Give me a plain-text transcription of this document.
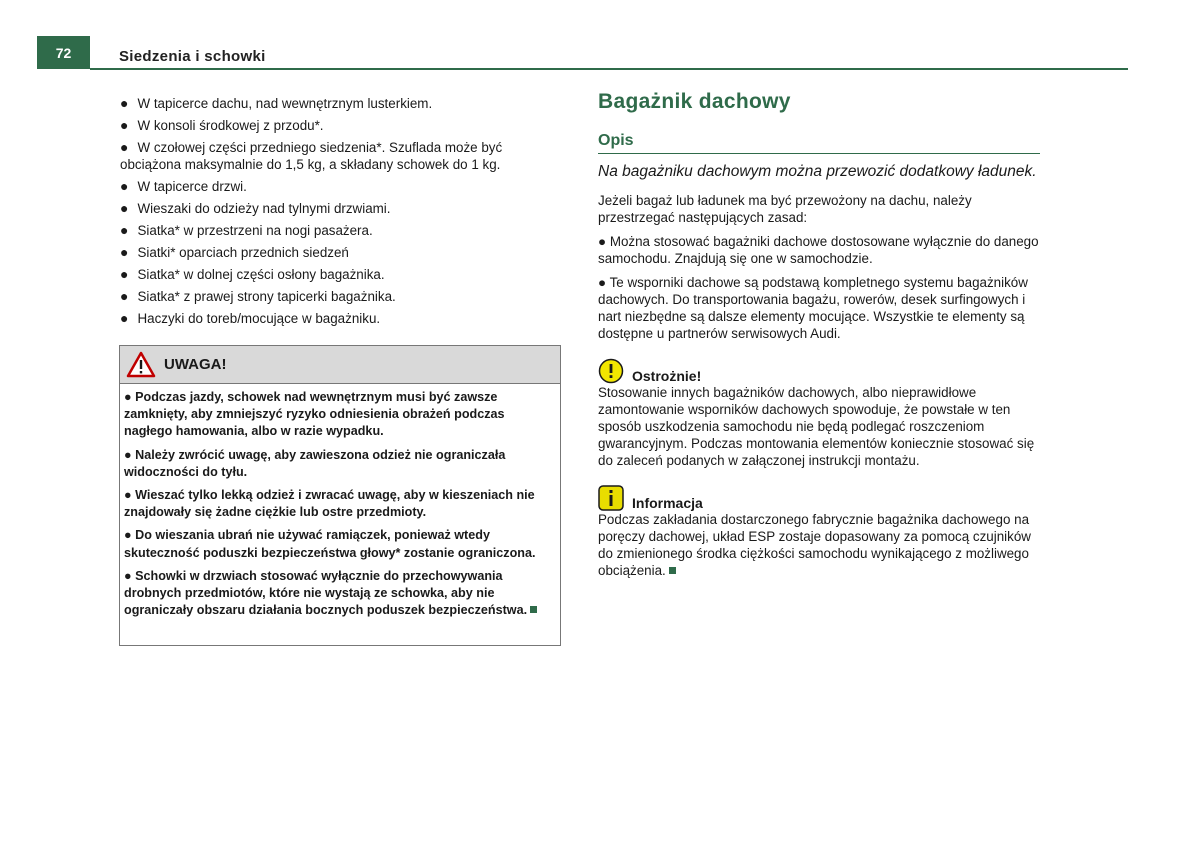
72	Siedzenia i schowki
● W tapicerce dachu, nad wewnętrznym lusterkiem.
● W konsoli środkowej z przodu*.
● W czołowej części przedniego siedzenia*. Szuflada może być obciążona maksymalnie do 1,5 kg, a składany schowek do 1 kg.
● W tapicerce drzwi.
● Wieszaki do odzieży nad tylnymi drzwiami.
● Siatka* w przestrzeni na nogi pasażera.
● Siatki* oparciach przednich siedzeń
● Siatka* w dolnej części osłony bagażnika.
● Siatka* z prawej strony tapicerki bagażnika.
● Haczyki do toreb/mocujące w bagażniku.
UWAGA!

● Podczas jazdy, schowek nad wewnętrznym musi być zawsze zamknięty, aby zmniejszyć ryzyko odniesienia obrażeń podczas nagłego hamowania, albo w razie wypadku.

● Należy zwrócić uwagę, aby zawieszona odzież nie ograniczała widoczności do tyłu.

● Wieszać tylko lekką odzież i zwracać uwagę, aby w kieszeniach nie znajdowały się żadne ciężkie lub ostre przedmioty.

● Do wieszania ubrań nie używać ramiączek, ponieważ wtedy skuteczność poduszki bezpieczeństwa głowy* zostanie ograniczona.

● Schowki w drzwiach stosować wyłącznie do przechowywania drobnych przedmiotów, które nie wystają ze schowka, aby nie ograniczały obszaru działania bocznych poduszek bezpieczeństwa.

Bagażnik dachowy
Opis

Na bagażniku dachowym można przewozić dodatkowy ładunek.

Jeżeli bagaż lub ładunek ma być przewożony na dachu, należy przestrzegać następujących zasad:

● Można stosować bagażniki dachowe dostosowane wyłącznie do danego samochodu. Znajdują się one w samochodzie.

● Te wsporniki dachowe są podstawą kompletnego systemu bagażników dachowych. Do transportowania bagażu, rowerów, desek surfingowych i nart niezbędne są dalsze elementy mocujące. Wszystkie te elementy są dostępne u partnerów serwisowych Audi.

Ostrożnie!

Stosowanie innych bagażników dachowych, albo nieprawidłowe zamontowanie wsporników dachowych spowoduje, że powstałe w ten sposób uszkodzenia samochodu nie będą podlegać roszczeniom gwarancyjnym. Podczas montowania elementów koniecznie stosować się do zaleceń podanych w załączonej instrukcji montażu.

Informacja

Podczas zakładania dostarczonego fabrycznie bagażnika dachowego na poręczy dachowej, układ ESP zostaje dopasowany za pomocą czujników do zmienionego środka ciężkości samochodu wynikającego z możliwego obciążenia.
